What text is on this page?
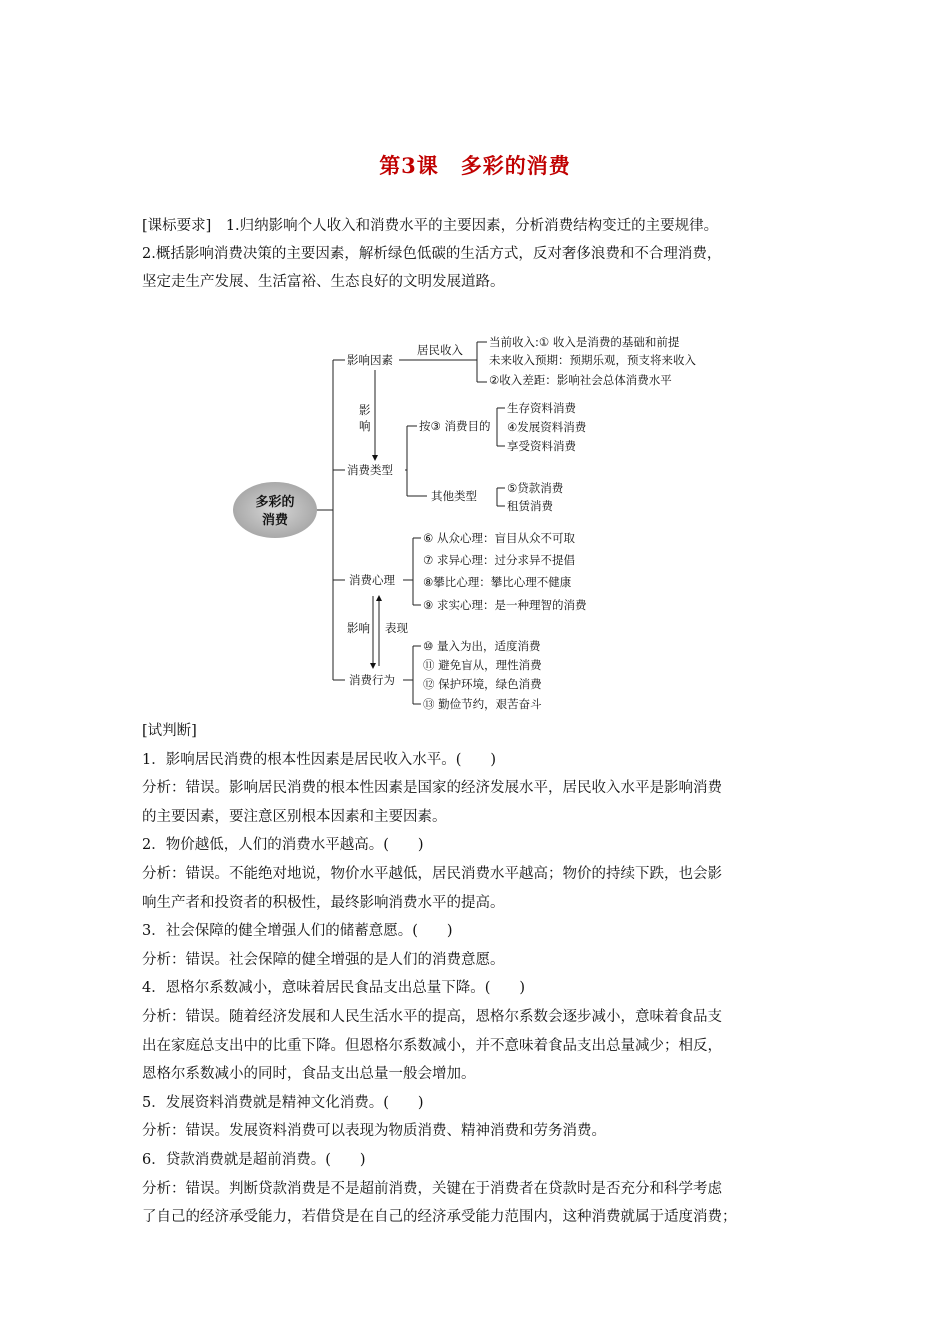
第3课　多彩的消费
[课标要求]　1.归纳影响个人收入和消费水平的主要因素，分析消费结构变迁的主要规律。
2.概括影响消费决策的主要因素，解析绿色低碳的生活方式，反对奢侈浪费和不合理消费，
坚定走生产发展、生活富裕、生态良好的文明发展道路。
多彩的
消费
影响因素
居民收入
当前收入:① 收入是消费的基础和前提
未来收入预期：预期乐观，预支将来收入
②收入差距：影响社会总体消费水平
影
响
消费类型
按③ 消费目的
生存资料消费
④发展资料消费
享受资料消费
其他类型
⑤贷款消费
租赁消费
消费心理
⑥ 从众心理：盲目从众不可取
⑦ 求异心理：过分求异不提倡
⑧攀比心理：攀比心理不健康
⑨ 求实心理：是一种理智的消费
影响 表现
消费行为
⑩ 量入为出，适度消费
⑪ 避免盲从，理性消费
⑫ 保护环境，绿色消费
⑬ 勤俭节约，艰苦奋斗
[试判断]
1．影响居民消费的根本性因素是居民收入水平。(　　)
分析：错误。影响居民消费的根本性因素是国家的经济发展水平，居民收入水平是影响消费
的主要因素，要注意区别根本因素和主要因素。
2．物价越低，人们的消费水平越高。(　　)
分析：错误。不能绝对地说，物价水平越低，居民消费水平越高；物价的持续下跌，也会影
响生产者和投资者的积极性，最终影响消费水平的提高。
3．社会保障的健全增强人们的储蓄意愿。(　　)
分析：错误。社会保障的健全增强的是人们的消费意愿。
4．恩格尔系数减小，意味着居民食品支出总量下降。(　　)
分析：错误。随着经济发展和人民生活水平的提高，恩格尔系数会逐步减小，意味着食品支
出在家庭总支出中的比重下降。但恩格尔系数减小，并不意味着食品支出总量减少；相反，
恩格尔系数减小的同时，食品支出总量一般会增加。
5．发展资料消费就是精神文化消费。(　　)
分析：错误。发展资料消费可以表现为物质消费、精神消费和劳务消费。
6．贷款消费就是超前消费。(　　)
分析：错误。判断贷款消费是不是超前消费，关键在于消费者在贷款时是否充分和科学考虑
了自己的经济承受能力，若借贷是在自己的经济承受能力范围内，这种消费就属于适度消费；
